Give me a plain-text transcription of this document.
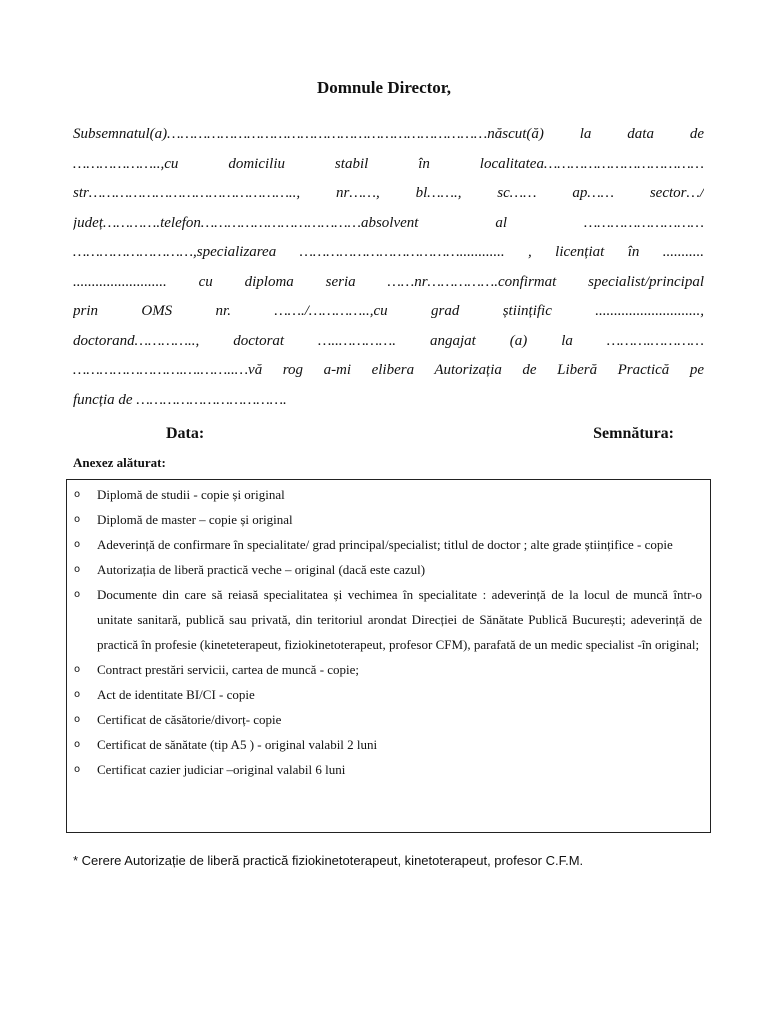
Domnule Director,
Subsemnatul(a)………………………………………………………………născut(ă) la data de
………………..,cu domiciliu stabil în localitatea………………………………
str……………………………………….., nr……, bl……., sc…… ap…… sector…/
județ………….telefon………………………………absolvent al ………………………
………………………,specializarea ………………………………............ , licențiat în ...........
......................... cu diploma seria ……nr…………….confirmat specialist/principal
prin OMS nr. ……./…………..,cu grad științific ............................,
doctorand………….., doctorat …..…………. angajat (a) la ……….…………
…………………….….……..…vă rog a-mi elibera Autorizația de Liberă Practică pe
funcția de …………………………….
Data:	Semnătura:
Anexez alăturat:
o	Diplomă de studii - copie și original
o	Diplomă de master – copie și original
o	Adeverință de confirmare în specialitate/ grad principal/specialist; titlul de doctor ; alte grade științifice - copie
o	Autorizația de liberă practică veche – original (dacă este cazul)
o	Documente din care să reiasă specialitatea și vechimea în specialitate : adeverință de la locul de muncă într-o unitate sanitară, publică sau privată, din teritoriul arondat Direcției de Sănătate Publică București; adeverință de practică în profesie (kineteterapeut, fiziokinetoterapeut, profesor CFM), parafată de un medic specialist -în original;
o	Contract prestări servicii, cartea de muncă - copie;
o	Act de identitate BI/CI - copie
o	Certificat de căsătorie/divorț- copie
o	Certificat de sănătate (tip A5 ) - original valabil 2 luni
o	Certificat cazier judiciar –original valabil 6 luni
* Cerere Autorizație de liberă practică fiziokinetoterapeut, kinetoterapeut, profesor C.F.M.
